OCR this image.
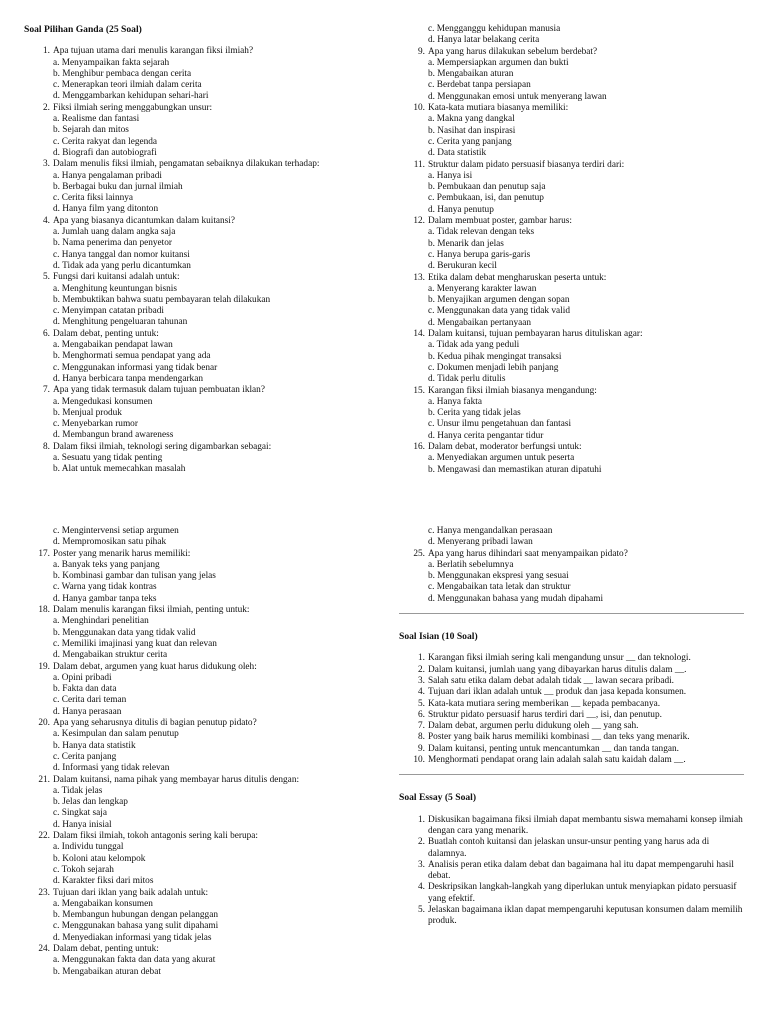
Soal Pilihan Ganda (25 Soal)
1. Apa tujuan utama dari menulis karangan fiksi ilmiah?
a. Menyampaikan fakta sejarah
b. Menghibur pembaca dengan cerita
c. Menerapkan teori ilmiah dalam cerita
d. Menggambarkan kehidupan sehari-hari
2. Fiksi ilmiah sering menggabungkan unsur:
a. Realisme dan fantasi
b. Sejarah dan mitos
c. Cerita rakyat dan legenda
d. Biografi dan autobiografi
3. Dalam menulis fiksi ilmiah, pengamatan sebaiknya dilakukan terhadap:
a. Hanya pengalaman pribadi
b. Berbagai buku dan jurnal ilmiah
c. Cerita fiksi lainnya
d. Hanya film yang ditonton
4. Apa yang biasanya dicantumkan dalam kuitansi?
a. Jumlah uang dalam angka saja
b. Nama penerima dan penyetor
c. Hanya tanggal dan nomor kuitansi
d. Tidak ada yang perlu dicantumkan
5. Fungsi dari kuitansi adalah untuk:
a. Menghitung keuntungan bisnis
b. Membuktikan bahwa suatu pembayaran telah dilakukan
c. Menyimpan catatan pribadi
d. Menghitung pengeluaran tahunan
6. Dalam debat, penting untuk:
a. Mengabaikan pendapat lawan
b. Menghormati semua pendapat yang ada
c. Menggunakan informasi yang tidak benar
d. Hanya berbicara tanpa mendengarkan
7. Apa yang tidak termasuk dalam tujuan pembuatan iklan?
a. Mengedukasi konsumen
b. Menjual produk
c. Menyebarkan rumor
d. Membangun brand awareness
8. Dalam fiksi ilmiah, teknologi sering digambarkan sebagai:
a. Sesuatu yang tidak penting
b. Alat untuk memecahkan masalah
c. Mengganggu kehidupan manusia
d. Hanya latar belakang cerita
9. Apa yang harus dilakukan sebelum berdebat?
a. Mempersiapkan argumen dan bukti
b. Mengabaikan aturan
c. Berdebat tanpa persiapan
d. Menggunakan emosi untuk menyerang lawan
10. Kata-kata mutiara biasanya memiliki:
a. Makna yang dangkal
b. Nasihat dan inspirasi
c. Cerita yang panjang
d. Data statistik
11. Struktur dalam pidato persuasif biasanya terdiri dari:
a. Hanya isi
b. Pembukaan dan penutup saja
c. Pembukaan, isi, dan penutup
d. Hanya penutup
12. Dalam membuat poster, gambar harus:
a. Tidak relevan dengan teks
b. Menarik dan jelas
c. Hanya berupa garis-garis
d. Berukuran kecil
13. Etika dalam debat mengharuskan peserta untuk:
a. Menyerang karakter lawan
b. Menyajikan argumen dengan sopan
c. Menggunakan data yang tidak valid
d. Mengabaikan pertanyaan
14. Dalam kuitansi, tujuan pembayaran harus dituliskan agar:
a. Tidak ada yang peduli
b. Kedua pihak mengingat transaksi
c. Dokumen menjadi lebih panjang
d. Tidak perlu ditulis
15. Karangan fiksi ilmiah biasanya mengandung:
a. Hanya fakta
b. Cerita yang tidak jelas
c. Unsur ilmu pengetahuan dan fantasi
d. Hanya cerita pengantar tidur
16. Dalam debat, moderator berfungsi untuk:
a. Menyediakan argumen untuk peserta
b. Mengawasi dan memastikan aturan dipatuhi
c. Mengintervensi setiap argumen
d. Mempromosikan satu pihak
17. Poster yang menarik harus memiliki:
a. Banyak teks yang panjang
b. Kombinasi gambar dan tulisan yang jelas
c. Warna yang tidak kontras
d. Hanya gambar tanpa teks
18. Dalam menulis karangan fiksi ilmiah, penting untuk:
a. Menghindari penelitian
b. Menggunakan data yang tidak valid
c. Memiliki imajinasi yang kuat dan relevan
d. Mengabaikan struktur cerita
19. Dalam debat, argumen yang kuat harus didukung oleh:
a. Opini pribadi
b. Fakta dan data
c. Cerita dari teman
d. Hanya perasaan
20. Apa yang seharusnya ditulis di bagian penutup pidato?
a. Kesimpulan dan salam penutup
b. Hanya data statistik
c. Cerita panjang
d. Informasi yang tidak relevan
21. Dalam kuitansi, nama pihak yang membayar harus ditulis dengan:
a. Tidak jelas
b. Jelas dan lengkap
c. Singkat saja
d. Hanya inisial
22. Dalam fiksi ilmiah, tokoh antagonis sering kali berupa:
a. Individu tunggal
b. Koloni atau kelompok
c. Tokoh sejarah
d. Karakter fiksi dari mitos
23. Tujuan dari iklan yang baik adalah untuk:
a. Mengabaikan konsumen
b. Membangun hubungan dengan pelanggan
c. Menggunakan bahasa yang sulit dipahami
d. Menyediakan informasi yang tidak jelas
24. Dalam debat, penting untuk:
a. Menggunakan fakta dan data yang akurat
b. Mengabaikan aturan debat
c. Hanya mengandalkan perasaan
d. Menyerang pribadi lawan
25. Apa yang harus dihindari saat menyampaikan pidato?
a. Berlatih sebelumnya
b. Menggunakan ekspresi yang sesuai
c. Mengabaikan tata letak dan struktur
d. Menggunakan bahasa yang mudah dipahami
Soal Isian (10 Soal)
1. Karangan fiksi ilmiah sering kali mengandung unsur __ dan teknologi.
2. Dalam kuitansi, jumlah uang yang dibayarkan harus ditulis dalam __.
3. Salah satu etika dalam debat adalah tidak __ lawan secara pribadi.
4. Tujuan dari iklan adalah untuk __ produk dan jasa kepada konsumen.
5. Kata-kata mutiara sering memberikan __ kepada pembacanya.
6. Struktur pidato persuasif harus terdiri dari __, isi, dan penutup.
7. Dalam debat, argumen perlu didukung oleh __ yang sah.
8. Poster yang baik harus memiliki kombinasi __ dan teks yang menarik.
9. Dalam kuitansi, penting untuk mencantumkan __ dan tanda tangan.
10. Menghormati pendapat orang lain adalah salah satu kaidah dalam __.
Soal Essay (5 Soal)
1. Diskusikan bagaimana fiksi ilmiah dapat membantu siswa memahami konsep ilmiah dengan cara yang menarik.
2. Buatlah contoh kuitansi dan jelaskan unsur-unsur penting yang harus ada di dalamnya.
3. Analisis peran etika dalam debat dan bagaimana hal itu dapat mempengaruhi hasil debat.
4. Deskripsikan langkah-langkah yang diperlukan untuk menyiapkan pidato persuasif yang efektif.
5. Jelaskan bagaimana iklan dapat mempengaruhi keputusan konsumen dalam memilih produk.
